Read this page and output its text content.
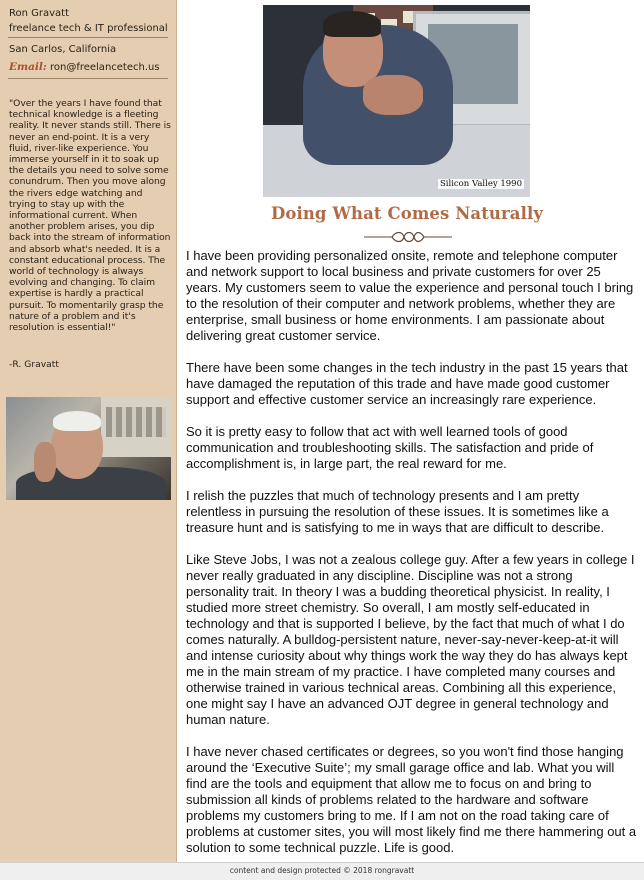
Ron Gravatt
freelance tech & IT professional
San Carlos, California
Email: ron@freelancetech.us
"Over the years I have found that technical knowledge is a fleeting reality. It never stands still. There is never an end-point. It is a very fluid, river-like experience. You immerse yourself in it to soak up the details you need to solve some conundrum. Then you move along the rivers edge watching and trying to stay up with the informational current. When another problem arises, you dip back into the stream of information and absorb what's needed. It is a constant educational process. The world of technology is always evolving and changing. To claim expertise is hardly a practical pursuit. To momentarily grasp the nature of a problem and it's resolution is essential!"
-R. Gravatt
Silicon Valley 1990
Doing What Comes Naturally

I have been providing personalized onsite, remote and telephone computer and network support to local business and private customers for over 25 years. My customers seem to value the experience and personal touch I bring to the resolution of their computer and network problems, whether they are enterprise, small business or home environments. I am passionate about delivering great customer service.

There have been some changes in the tech industry in the past 15 years that have damaged the reputation of this trade and have made good customer support and effective customer service an increasingly rare experience.

So it is pretty easy to follow that act with well learned tools of good communication and troubleshooting skills. The satisfaction and pride of accomplishment is, in large part, the real reward for me.

I relish the puzzles that much of technology presents and I am pretty relentless in pursuing the resolution of these issues. It is sometimes like a treasure hunt and is satisfying to me in ways that are difficult to describe.

Like Steve Jobs, I was not a zealous college guy. After a few years in college I never really graduated in any discipline. Discipline was not a strong personality trait. In theory I was a budding theoretical physicist. In reality, I studied more street chemistry. So overall, I am mostly self-educated in technology and that is supported I believe, by the fact that much of what I do comes naturally. A bulldog-persistent nature, never-say-never-keep-at-it will and intense curiosity about why things work the way they do has always kept me in the main stream of my practice. I have completed many courses and otherwise trained in various technical areas. Combining all this experience, one might say I have an advanced OJT degree in general technology and human nature.

I have never chased certificates or degrees, so you won't find those hanging around the ‘Executive Suite’; my small garage office and lab. What you will find are the tools and equipment that allow me to focus on and bring to submission all kinds of problems related to the hardware and software problems my customers bring to me. If I am not on the road taking care of problems at customer sites, you will most likely find me there hammering out a solution to some technical puzzle. Life is good.

content and design protected © 2018 rongravatt
